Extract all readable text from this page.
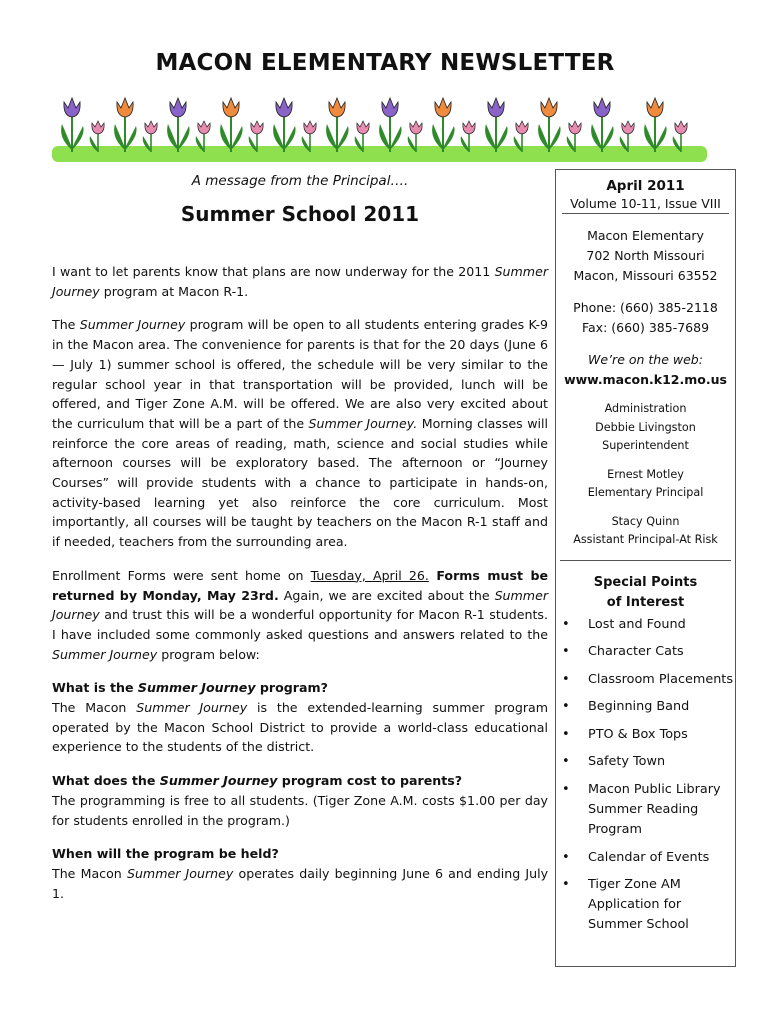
MACON ELEMENTARY NEWSLETTER
A message from the Principal….
Summer School 2011

I want to let parents know that plans are now underway for the 2011 Summer Journey program at Macon R-1.

The Summer Journey program will be open to all students entering grades K-9 in the Macon area. The convenience for parents is that for the 20 days (June 6 — July 1) summer school is offered, the schedule will be very similar to the regular school year in that transportation will be provided, lunch will be offered, and Tiger Zone A.M. will be offered. We are also very excited about the curriculum that will be a part of the Summer Journey. Morning classes will reinforce the core areas of reading, math, science and social studies while afternoon courses will be exploratory based. The afternoon or “Journey Courses” will provide students with a chance to participate in hands-on, activity-based learning yet also reinforce the core curriculum. Most importantly, all courses will be taught by teachers on the Macon R-1 staff and if needed, teachers from the surrounding area.

Enrollment Forms were sent home on Tuesday, April 26. Forms must be returned by Monday, May 23rd. Again, we are excited about the Summer Journey and trust this will be a wonderful opportunity for Macon R-1 students. I have included some commonly asked questions and answers related to the Summer Journey program below:

What is the Summer Journey program?
The Macon Summer Journey is the extended-learning summer program operated by the Macon School District to provide a world-class educational experience to the students of the district.
What does the Summer Journey program cost to parents?
The programming is free to all students. (Tiger Zone A.M. costs $1.00 per day for students enrolled in the program.)
When will the program be held?
The Macon Summer Journey operates daily beginning June 6 and ending July 1.
April 2011
Volume 10-11, Issue VIII
Macon Elementary
702 North Missouri
Macon, Missouri 63552
Phone: (660) 385-2118
Fax: (660) 385-7689
We’re on the web:
www.macon.k12.mo.us
Administration
Debbie Livingston
Superintendent
Ernest Motley
Elementary Principal
Stacy Quinn
Assistant Principal-At Risk
Special Points
of Interest
• Lost and Found
• Character Cats
• Classroom Placements
• Beginning Band
• PTO & Box Tops
• Safety Town
• Macon Public Library Summer Reading Program
• Calendar of Events
• Tiger Zone AM Application for Summer School
